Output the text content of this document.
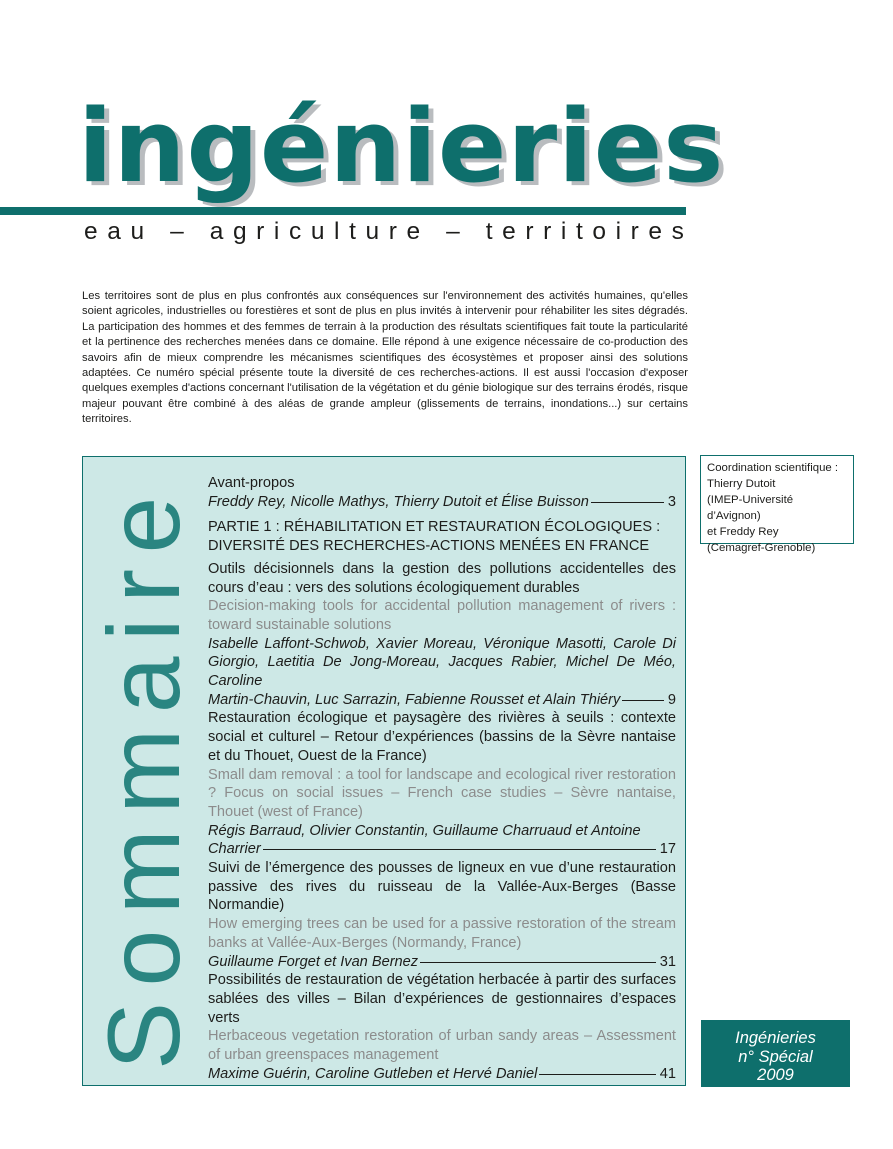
ingénieries
eau – agriculture – territoires

Les territoires sont de plus en plus confrontés aux conséquences sur l'environnement des activités humaines, qu'elles soient agricoles, industrielles ou forestières et sont de plus en plus invités à intervenir pour réhabiliter les sites dégradés. La participation des hommes et des femmes de terrain à la production des résultats scientifiques fait toute la particularité et la pertinence des recherches menées dans ce domaine. Elle répond à une exigence nécessaire de co-production des savoirs afin de mieux comprendre les mécanismes scientifiques des écosystèmes et proposer ainsi des solutions adaptées. Ce numéro spécial présente toute la diversité de ces recherches-actions. Il est aussi l'occasion d'exposer quelques exemples d'actions concernant l'utilisation de la végétation et du génie biologique sur des terrains érodés, risque majeur pouvant être combiné à des aléas de grande ampleur (glissements de terrains, inondations...) sur certains territoires.

Sommaire Avant-propos
Freddy Rey, Nicolle Mathys, Thierry Dutoit et Élise Buisson	3
PARTIE 1 : RÉHABILITATION ET RESTAURATION ÉCOLOGIQUES :
DIVERSITÉ DES RECHERCHES-ACTIONS MENÉES EN FRANCE
Outils décisionnels dans la gestion des pollutions accidentelles des cours d’eau : vers des solutions écologiquement durables
Decision-making tools for accidental pollution management of rivers : toward sustainable solutions
Isabelle Laffont-Schwob, Xavier Moreau, Véronique Masotti, Carole Di Giorgio, Laetitia De Jong-Moreau, Jacques Rabier, Michel De Méo, Caroline
Martin-Chauvin, Luc Sarrazin, Fabienne Rousset et Alain Thiéry	9
Restauration écologique et paysagère des rivières à seuils : contexte social et culturel – Retour d’expériences (bassins de la Sèvre nantaise et du Thouet, Ouest de la France)
Small dam removal : a tool for landscape and ecological river restoration ? Focus on social issues – French case studies – Sèvre nantaise, Thouet (west of France)
Régis Barraud, Olivier Constantin, Guillaume Charruaud et Antoine
Charrier	17
Suivi de l’émergence des pousses de ligneux en vue d’une restauration passive des rives du ruisseau de la Vallée-Aux-Berges (Basse Normandie)
How emerging trees can be used for a passive restoration of the stream banks at Vallée-Aux-Berges (Normandy, France)
Guillaume Forget et Ivan Bernez	31
Possibilités de restauration de végétation herbacée à partir des surfaces sablées des villes – Bilan d’expériences de gestionnaires d’espaces verts
Herbaceous vegetation restoration of urban sandy areas – Assessment of urban greenspaces management
Maxime Guérin, Caroline Gutleben et Hervé Daniel	41
Coordination scientifique :
Thierry Dutoit
(IMEP-Université d’Avignon)
et Freddy Rey
(Cemagref-Grenoble)
Ingénieries
n° Spécial
2009
